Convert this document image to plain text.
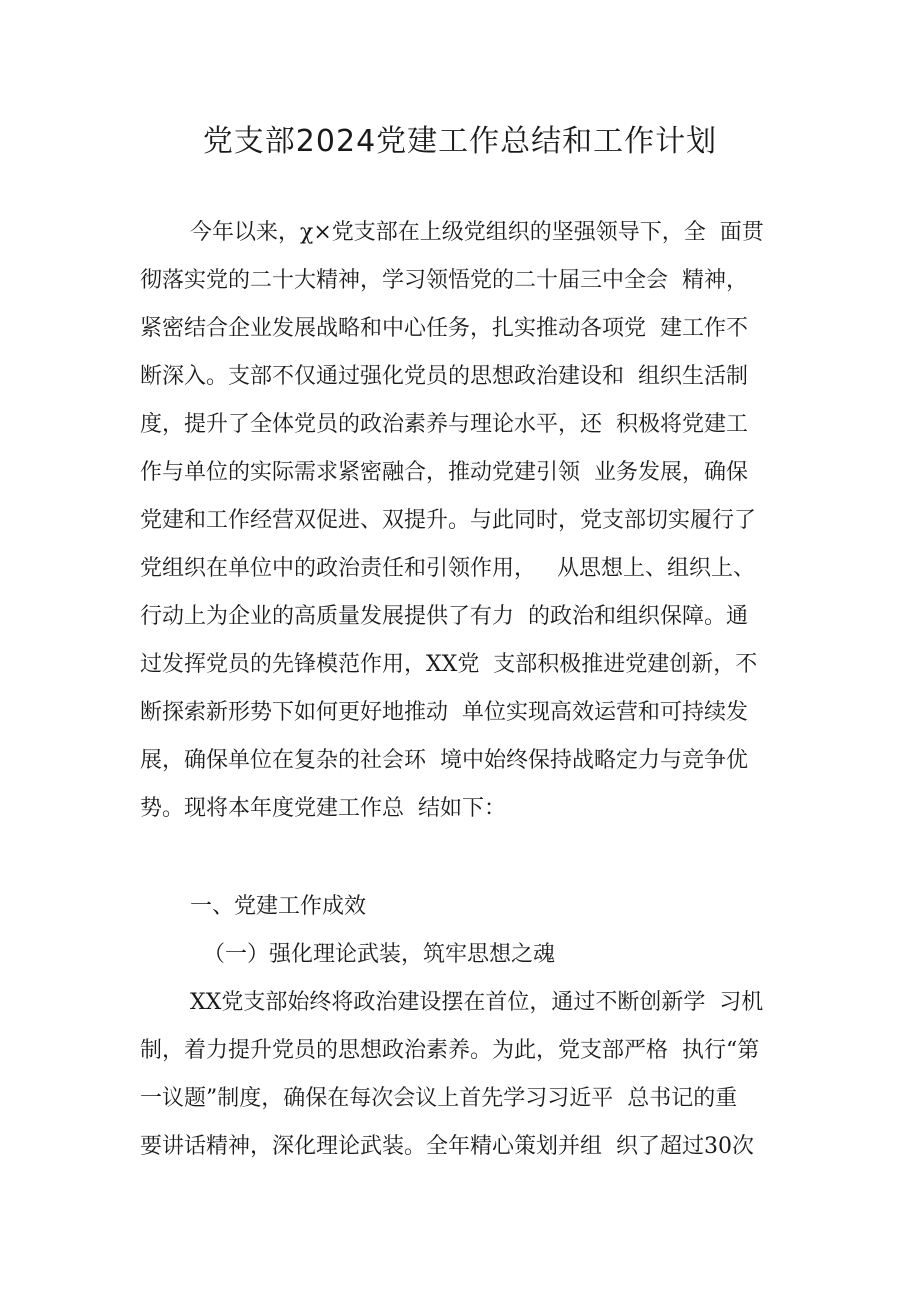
党支部2024党建工作总结和工作计划

今年以来，χ×党支部在上级党组织的坚强领导下，全  面贯

彻落实党的二十大精神，学习领悟党的二十届三中全会  精神，

紧密结合企业发展战略和中心任务，扎实推动各项党  建工作不

断深入。支部不仅通过强化党员的思想政治建设和  组织生活制

度，提升了全体党员的政治素养与理论水平，还  积极将党建工

作与单位的实际需求紧密融合，推动党建引领  业务发展，确保

党建和工作经营双促进、双提升。与此同时，党支部切实履行了

党组织在单位中的政治责任和引领作用，   从思想上、组织上、

行动上为企业的高质量发展提供了有力  的政治和组织保障。通

过发挥党员的先锋模范作用，XX党  支部积极推进党建创新，不

断探索新形势下如何更好地推动  单位实现高效运营和可持续发

展，确保单位在复杂的社会环  境中始终保持战略定力与竞争优

势。现将本年度党建工作总  结如下：

一、党建工作成效

（一）强化理论武装，筑牢思想之魂

XX党支部始终将政治建设摆在首位，通过不断创新学  习机

制，着力提升党员的思想政治素养。为此，党支部严格  执行“第

一议题”制度，确保在每次会议上首先学习习近平  总书记的重

要讲话精神，深化理论武装。全年精心策划并组  织了超过30次
